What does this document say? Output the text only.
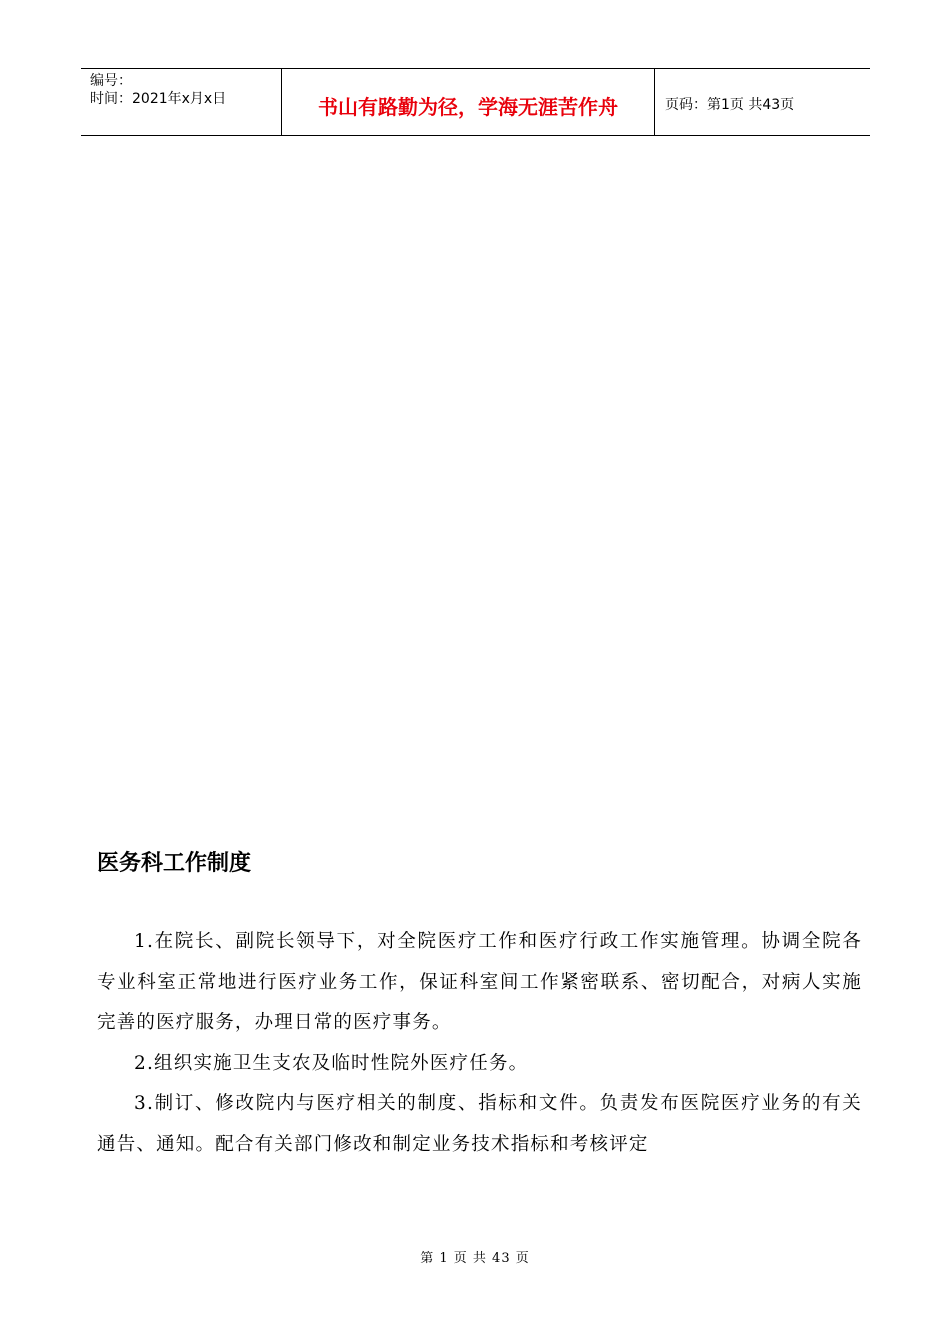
编号：
时间：2021年x月x日	书山有路勤为径，学海无涯苦作舟	页码：第1页 共43页
医务科工作制度

1.在院长、副院长领导下，对全院医疗工作和医疗行政工作实施管理。协调全院各专业科室正常地进行医疗业务工作，保证科室间工作紧密联系、密切配合，对病人实施完善的医疗服务，办理日常的医疗事务。

2.组织实施卫生支农及临时性院外医疗任务。

3.制订、修改院内与医疗相关的制度、指标和文件。负责发布医院医疗业务的有关通告、通知。配合有关部门修改和制定业务技术指标和考核评定

第 1 页 共 43 页
